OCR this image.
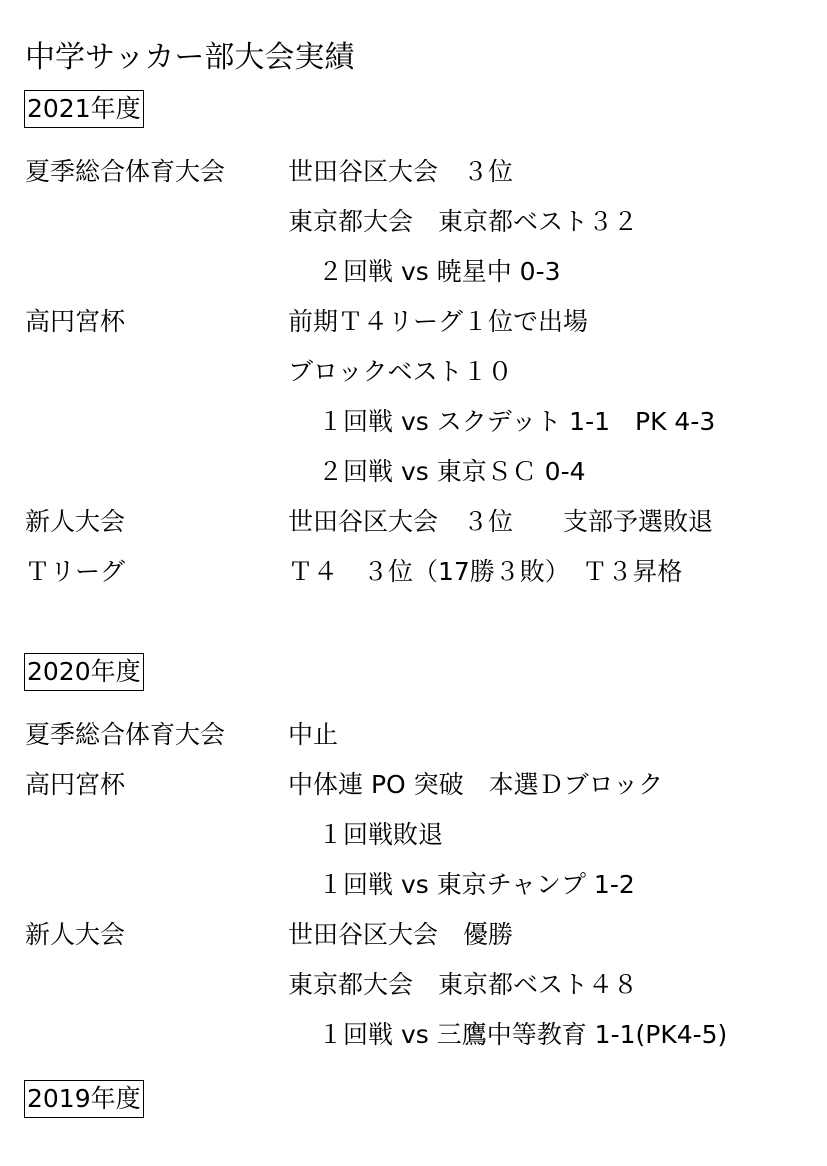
中学サッカー部大会実績
2021年度
夏季総合体育大会	世田谷区大会　３位
東京都大会　東京都ベスト３２
２回戦 vs 暁星中 0-3
高円宮杯	前期Ｔ４リーグ１位で出場
ブロックベスト１０
１回戦 vs スクデット 1-1　PK 4-3
２回戦 vs 東京ＳＣ 0-4
新人大会	世田谷区大会　３位　　支部予選敗退
Ｔリーグ	Ｔ４　３位（17勝３敗）　Ｔ３昇格
2020年度
夏季総合体育大会	中止
高円宮杯	中体連 PO 突破　本選Ｄブロック
１回戦敗退
１回戦 vs 東京チャンプ 1-2
新人大会	世田谷区大会　優勝
東京都大会　東京都ベスト４８
１回戦 vs 三鷹中等教育 1-1(PK4-5)
2019年度
